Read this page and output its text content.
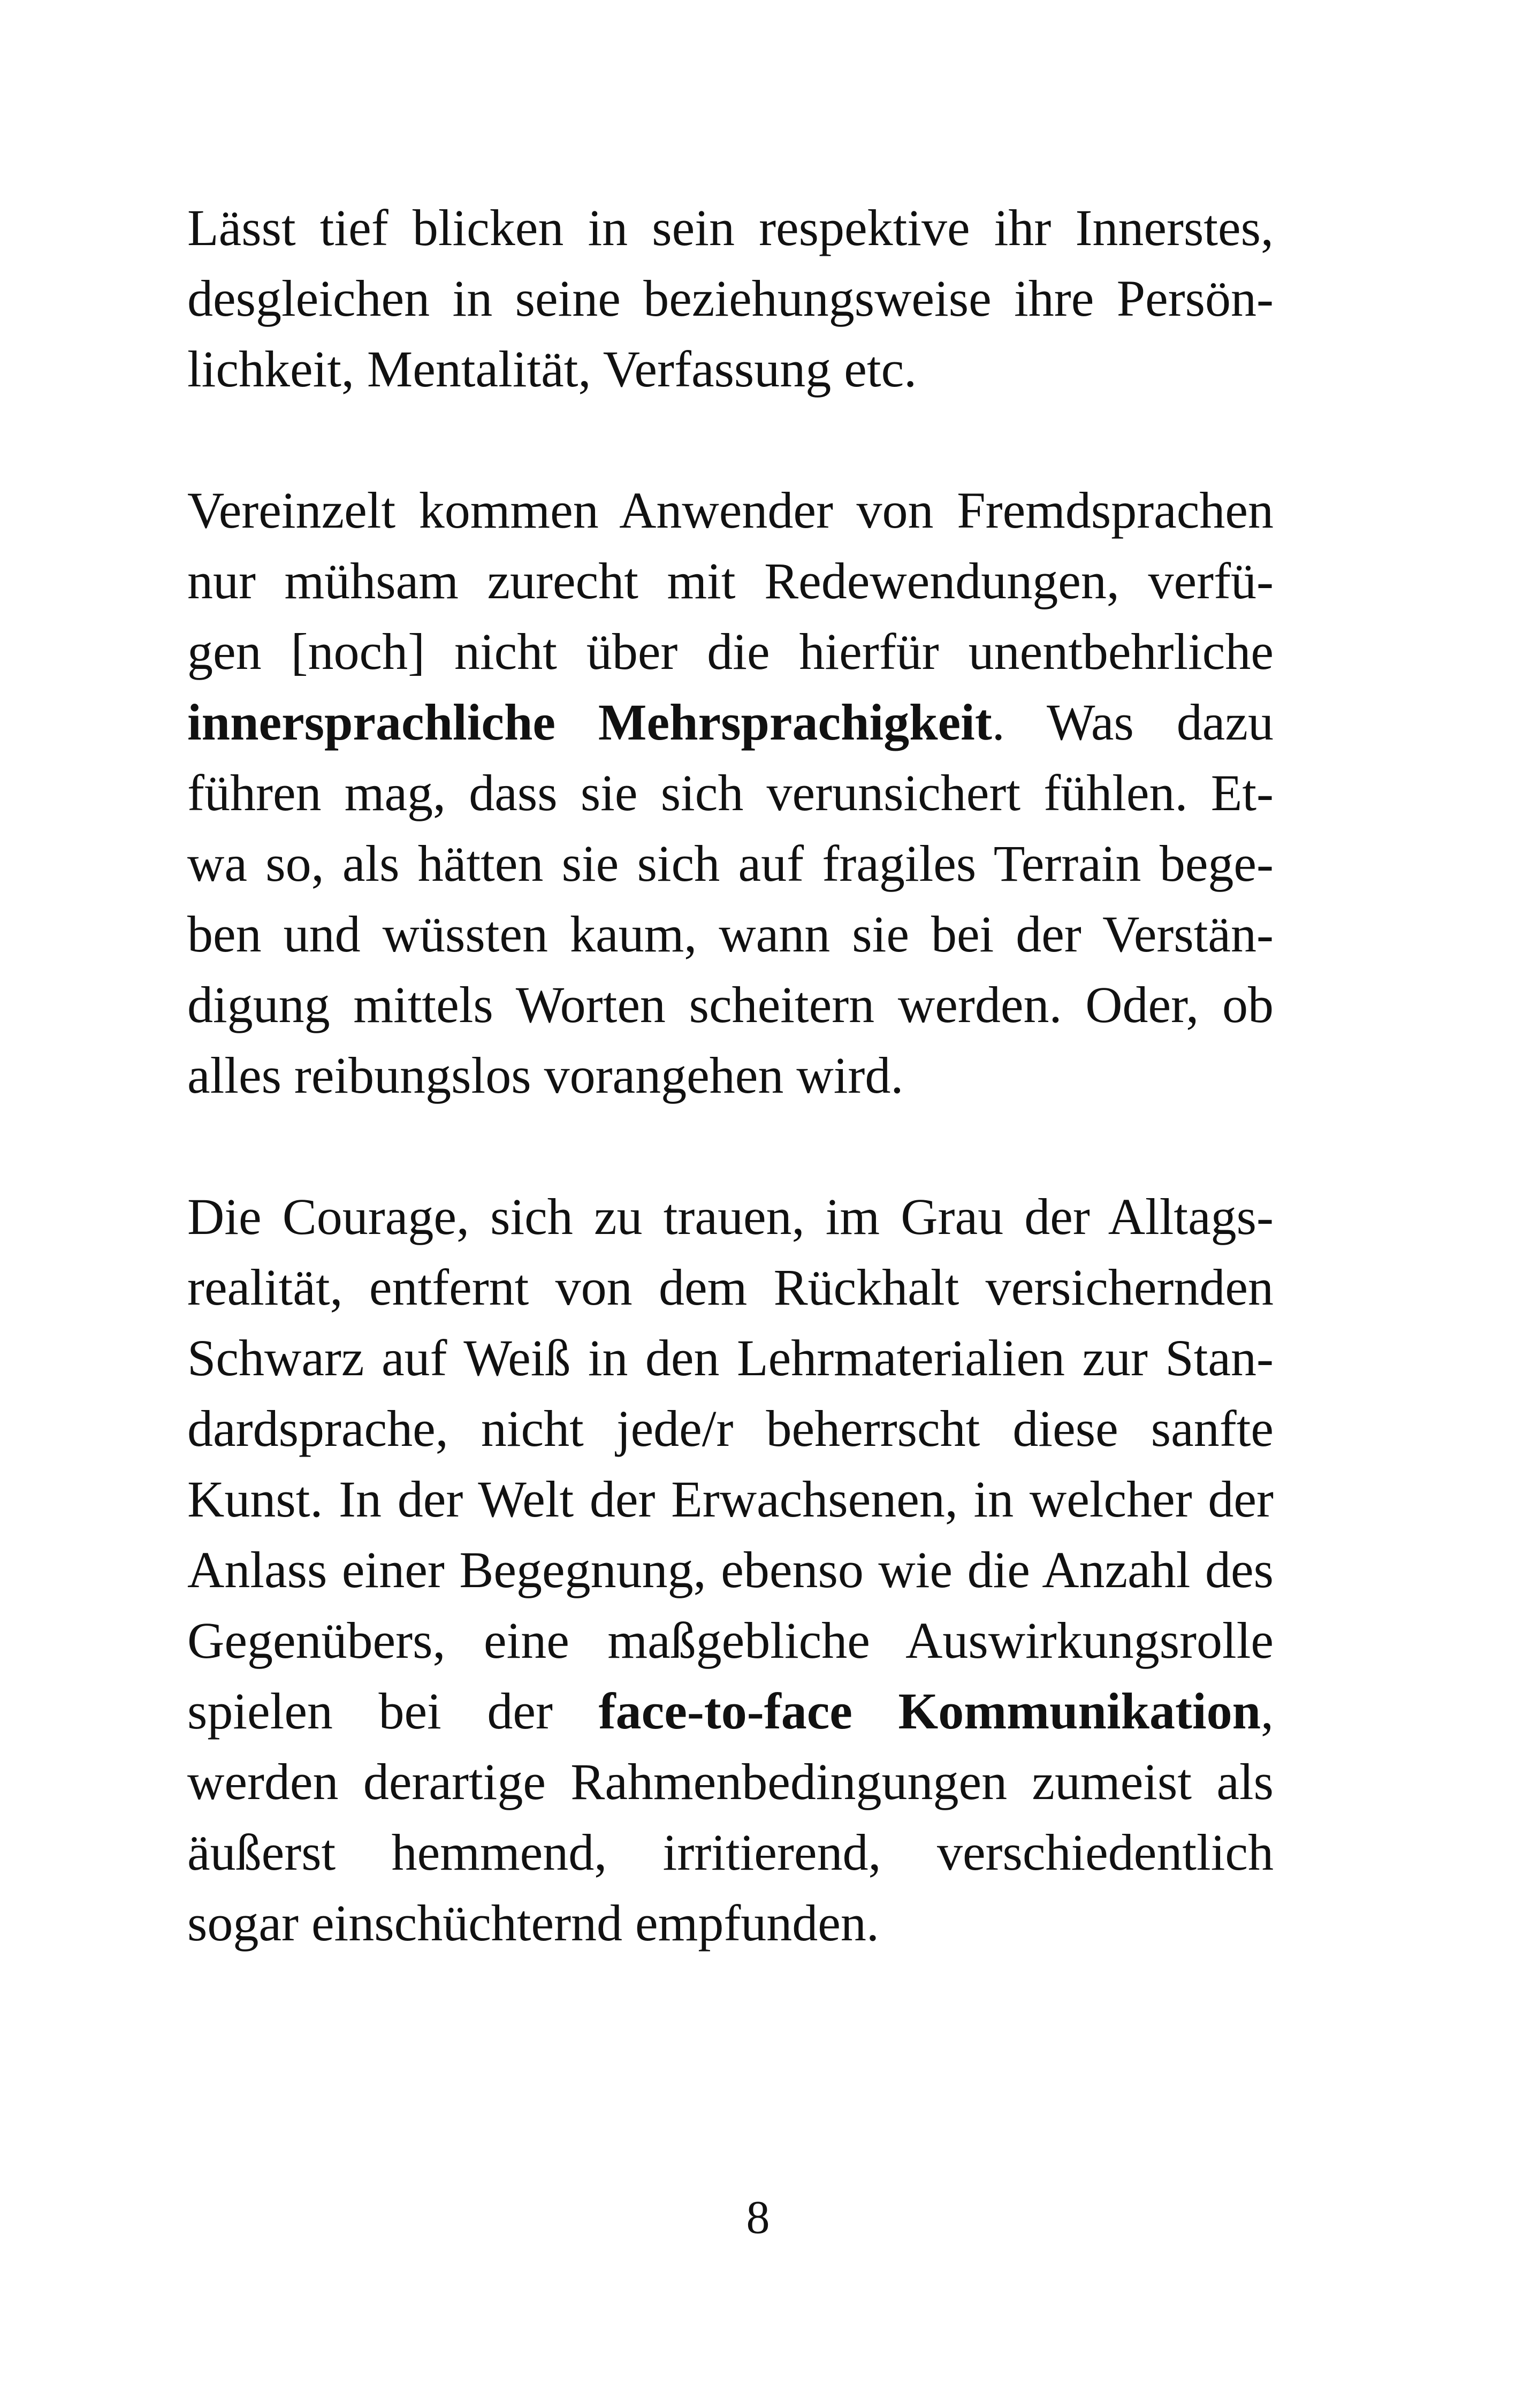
Lässt tief blicken in sein respektive ihr Innerstes,
desgleichen in seine beziehungsweise ihre Persön-
lichkeit, Mentalität, Verfassung etc.

Vereinzelt kommen Anwender von Fremdsprachen
nur mühsam zurecht mit Redewendungen, verfü-
gen [noch] nicht über die hierfür unentbehrliche
innersprachliche Mehrsprachigkeit. Was dazu
führen mag, dass sie sich verunsichert fühlen. Et-
wa so, als hätten sie sich auf fragiles Terrain bege-
ben und wüssten kaum, wann sie bei der Verstän-
digung mittels Worten scheitern werden. Oder, ob
alles reibungslos vorangehen wird.

Die Courage, sich zu trauen, im Grau der Alltags-
realität, entfernt von dem Rückhalt versichernden
Schwarz auf Weiß in den Lehrmaterialien zur Stan-
dardsprache, nicht jede/r beherrscht diese sanfte
Kunst. In der Welt der Erwachsenen, in welcher der
Anlass einer Begegnung, ebenso wie die Anzahl des
Gegenübers, eine maßgebliche Auswirkungsrolle
spielen bei der face-to-face Kommunikation,
werden derartige Rahmenbedingungen zumeist als
äußerst hemmend, irritierend, verschiedentlich
sogar einschüchternd empfunden.

8
